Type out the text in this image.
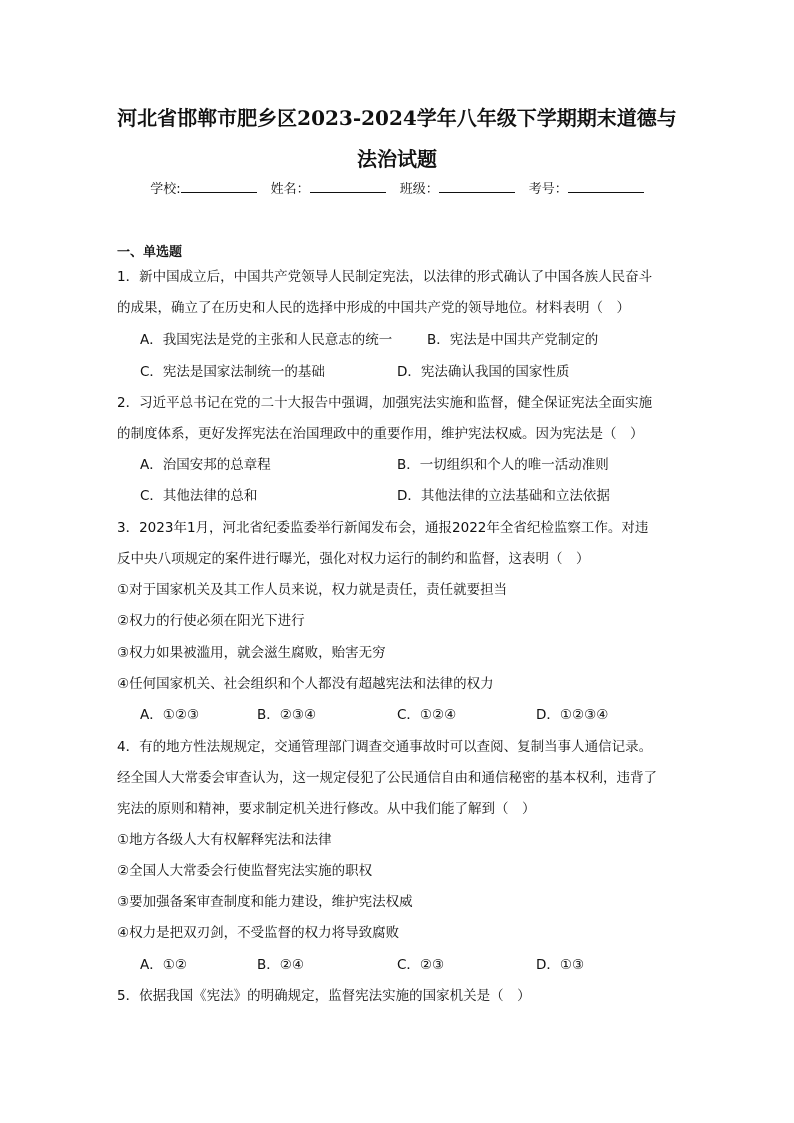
河北省邯郸市肥乡区2023-2024学年八年级下学期期末道德与
法治试题
学校:	姓名：	班级：	考号：
一、单选题
1．新中国成立后，中国共产党领导人民制定宪法，以法律的形式确认了中国各族人民奋斗
的成果，确立了在历史和人民的选择中形成的中国共产党的领导地位。材料表明（　）
A．我国宪法是党的主张和人民意志的统一	B．宪法是中国共产党制定的
C．宪法是国家法制统一的基础	D．宪法确认我国的国家性质
2．习近平总书记在党的二十大报告中强调，加强宪法实施和监督，健全保证宪法全面实施
的制度体系，更好发挥宪法在治国理政中的重要作用，维护宪法权威。因为宪法是（　）
A．治国安邦的总章程	B．一切组织和个人的唯一活动准则
C．其他法律的总和	D．其他法律的立法基础和立法依据
3．2023年1月，河北省纪委监委举行新闻发布会，通报2022年全省纪检监察工作。对违
反中央八项规定的案件进行曝光，强化对权力运行的制约和监督，这表明（　）
①对于国家机关及其工作人员来说，权力就是责任，责任就要担当
②权力的行使必须在阳光下进行
③权力如果被滥用，就会滋生腐败，贻害无穷
④任何国家机关、社会组织和个人都没有超越宪法和法律的权力
A．①②③	B．②③④	C．①②④	D．①②③④
4．有的地方性法规规定，交通管理部门调查交通事故时可以查阅、复制当事人通信记录。
经全国人大常委会审查认为，这一规定侵犯了公民通信自由和通信秘密的基本权利，违背了
宪法的原则和精神，要求制定机关进行修改。从中我们能了解到（　）
①地方各级人大有权解释宪法和法律
②全国人大常委会行使监督宪法实施的职权
③要加强备案审查制度和能力建设，维护宪法权威
④权力是把双刃剑，不受监督的权力将导致腐败
A．①②	B．②④	C．②③	D．①③
5．依据我国《宪法》的明确规定，监督宪法实施的国家机关是（　）
